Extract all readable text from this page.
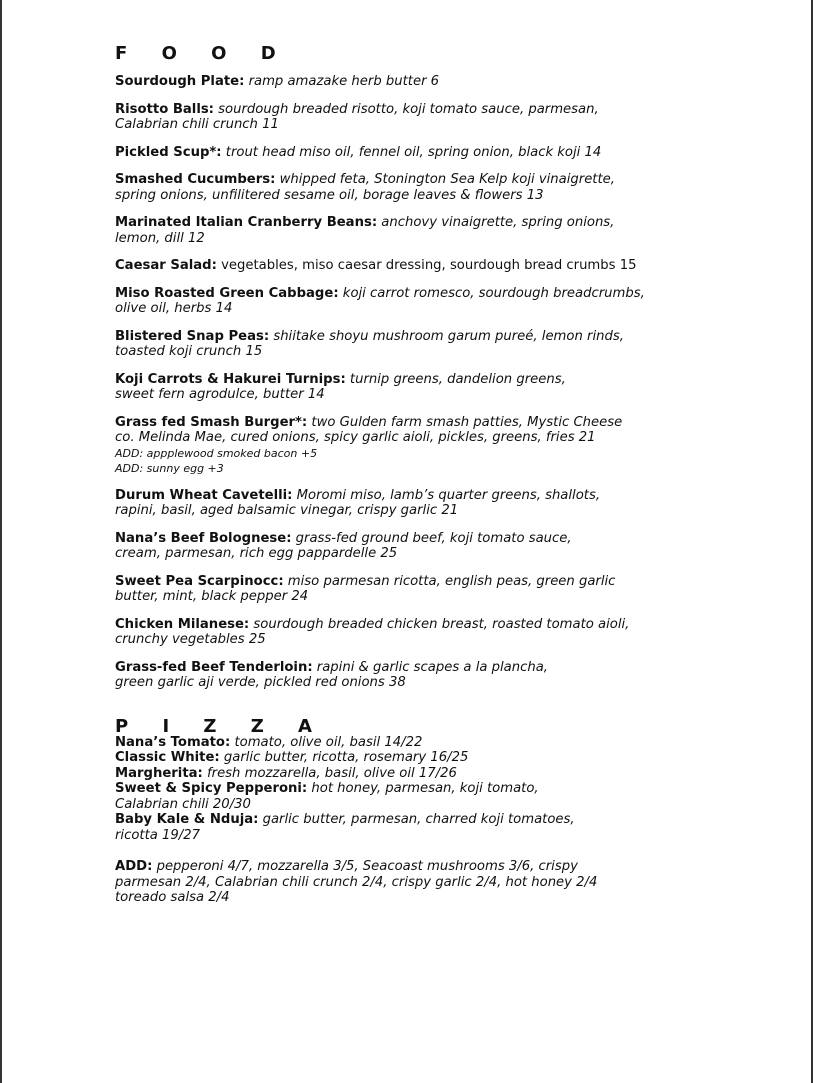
F O O D

Sourdough Plate: ramp amazake herb butter 6

Risotto Balls: sourdough breaded risotto, koji tomato sauce, parmesan,
Calabrian chili crunch 11

Pickled Scup*: trout head miso oil, fennel oil, spring onion, black koji 14

Smashed Cucumbers: whipped feta, Stonington Sea Kelp koji vinaigrette,
spring onions, unfilitered sesame oil, borage leaves & flowers 13

Marinated Italian Cranberry Beans: anchovy vinaigrette, spring onions,
lemon, dill 12

Caesar Salad: vegetables, miso caesar dressing, sourdough bread crumbs 15

Miso Roasted Green Cabbage: koji carrot romesco, sourdough breadcrumbs,
olive oil, herbs 14

Blistered Snap Peas: shiitake shoyu mushroom garum pureé, lemon rinds,
toasted koji crunch 15

Koji Carrots & Hakurei Turnips: turnip greens, dandelion greens,
sweet fern agrodulce, butter 14

Grass fed Smash Burger*: two Gulden farm smash patties, Mystic Cheese
co. Melinda Mae, cured onions, spicy garlic aioli, pickles, greens, fries 21
ADD: appplewood smoked bacon +5
ADD: sunny egg +3

Durum Wheat Cavetelli: Moromi miso, lamb’s quarter greens, shallots,
rapini, basil, aged balsamic vinegar, crispy garlic 21

Nana’s Beef Bolognese: grass-fed ground beef, koji tomato sauce,
cream, parmesan, rich egg pappardelle 25

Sweet Pea Scarpinocc: miso parmesan ricotta, english peas, green garlic
butter, mint, black pepper 24

Chicken Milanese: sourdough breaded chicken breast, roasted tomato aioli,
crunchy vegetables 25

Grass-fed Beef Tenderloin: rapini & garlic scapes a la plancha,
green garlic aji verde, pickled red onions 38

P I Z Z A

Nana’s Tomato: tomato, olive oil, basil 14/22

Classic White: garlic butter, ricotta, rosemary 16/25

Margherita: fresh mozzarella, basil, olive oil 17/26

Sweet & Spicy Pepperoni: hot honey, parmesan, koji tomato,
Calabrian chili 20/30

Baby Kale & Nduja: garlic butter, parmesan, charred koji tomatoes,
ricotta 19/27

ADD: pepperoni 4/7, mozzarella 3/5, Seacoast mushrooms 3/6, crispy
parmesan 2/4, Calabrian chili crunch 2/4, crispy garlic 2/4, hot honey 2/4
toreado salsa 2/4
